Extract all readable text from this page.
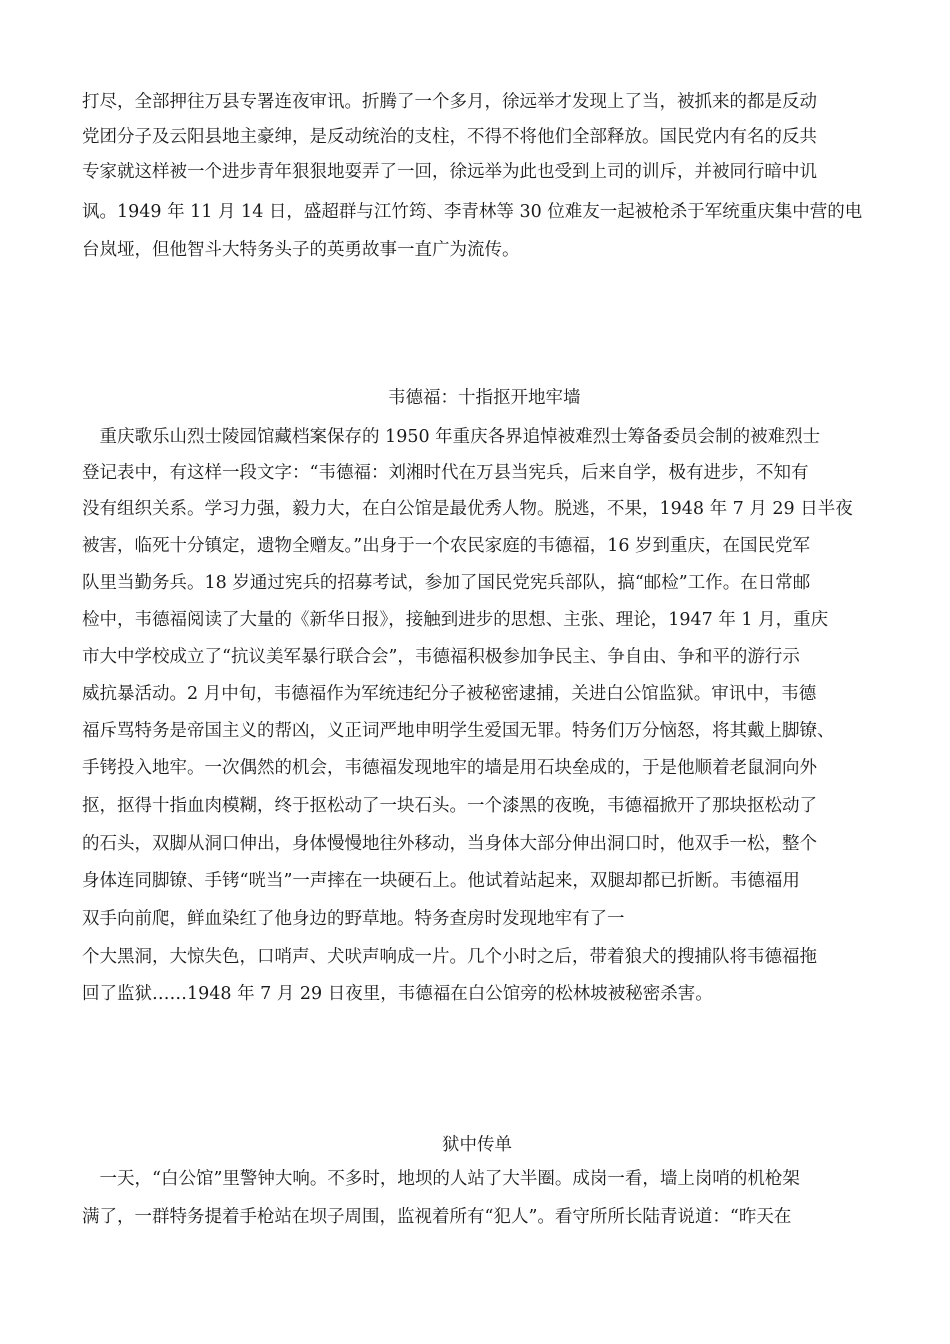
打尽，全部押往万县专署连夜审讯。折腾了一个多月，徐远举才发现上了当，被抓来的都是反动
党团分子及云阳县地主豪绅，是反动统治的支柱，不得不将他们全部释放。国民党内有名的反共
专家就这样被一个进步青年狠狠地耍弄了一回，徐远举为此也受到上司的训斥，并被同行暗中讥
讽。1949 年 11 月 14 日，盛超群与江竹筠、李青林等 30 位难友一起被枪杀于军统重庆集中营的电
台岚垭，但他智斗大特务头子的英勇故事一直广为流传。
韦德福：十指抠开地牢墙
　重庆歌乐山烈士陵园馆藏档案保存的 1950 年重庆各界追悼被难烈士筹备委员会制的被难烈士
登记表中，有这样一段文字：“韦德福：刘湘时代在万县当宪兵，后来自学，极有进步，不知有
没有组织关系。学习力强，毅力大，在白公馆是最优秀人物。脱逃，不果，1948 年 7 月 29 日半夜
被害，临死十分镇定，遗物全赠友。”出身于一个农民家庭的韦德福，16 岁到重庆，在国民党军
队里当勤务兵。18 岁通过宪兵的招募考试，参加了国民党宪兵部队，搞“邮检”工作。在日常邮
检中，韦德福阅读了大量的《新华日报》，接触到进步的思想、主张、理论，1947 年 1 月，重庆
市大中学校成立了“抗议美军暴行联合会”，韦德福积极参加争民主、争自由、争和平的游行示
威抗暴活动。2 月中旬，韦德福作为军统违纪分子被秘密逮捕，关进白公馆监狱。审讯中，韦德
福斥骂特务是帝国主义的帮凶，义正词严地申明学生爱国无罪。特务们万分恼怒，将其戴上脚镣、
手铐投入地牢。一次偶然的机会，韦德福发现地牢的墙是用石块垒成的，于是他顺着老鼠洞向外
抠，抠得十指血肉模糊，终于抠松动了一块石头。一个漆黑的夜晚，韦德福掀开了那块抠松动了
的石头，双脚从洞口伸出，身体慢慢地往外移动，当身体大部分伸出洞口时，他双手一松，整个
身体连同脚镣、手铐“咣当”一声摔在一块硬石上。他试着站起来，双腿却都已折断。韦德福用
双手向前爬，鲜血染红了他身边的野草地。特务查房时发现地牢有了一
个大黑洞，大惊失色，口哨声、犬吠声响成一片。几个小时之后，带着狼犬的搜捕队将韦德福拖
回了监狱……1948 年 7 月 29 日夜里，韦德福在白公馆旁的松林坡被秘密杀害。
狱中传单
　一天，“白公馆”里警钟大响。不多时，地坝的人站了大半圈。成岗一看，墙上岗哨的机枪架
满了，一群特务提着手枪站在坝子周围，监视着所有“犯人”。看守所所长陆青说道：“昨天在
